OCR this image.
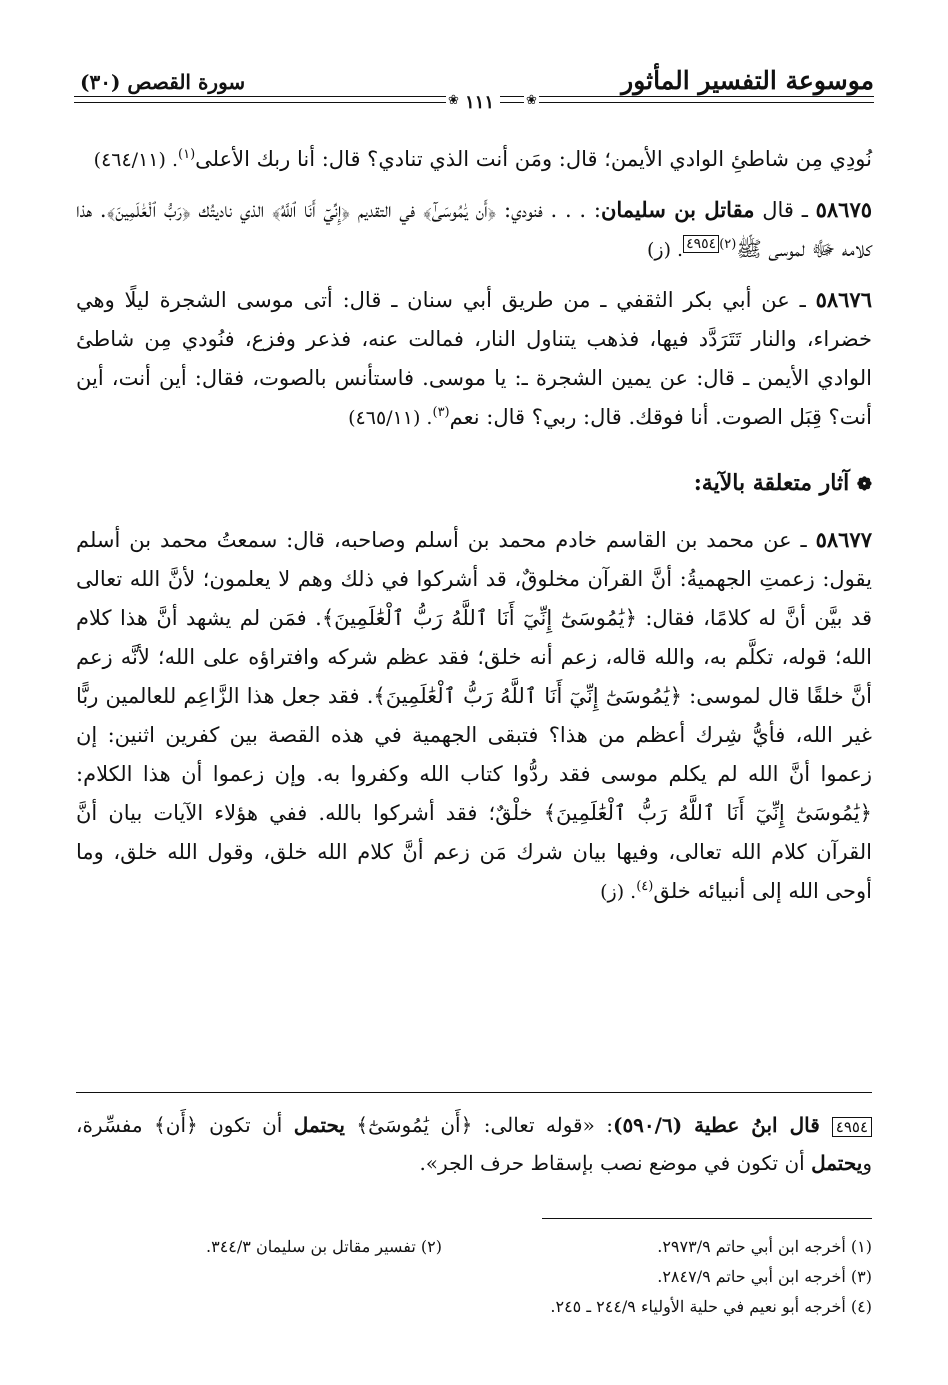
موسوعة التفسير المأثور
سورة القصص (٣٠)
❀ ١١١	❀

نُودِي مِن شاطئِ الوادي الأيمن؛ قال: ومَن أنت الذي تنادي؟ قال: أنا ربك الأعلى$^{(١)}$. (٤٦٤/١١)

٥٨٦٧٥ ـ قال مقاتل بن سليمان: . . . فنودي: ﴿أَن يَٰمُوسَىٰٓ﴾ في التقديم ﴿إِنِّيٓ أَنَا ٱللَّهُ﴾ الذي ناديتُك ﴿رَبُّ ٱلْعَٰلَمِينَ﴾. هذا كلامه ﷻ لموسى ﷺ$^{(٢)}$٤٩٥٤. (ز)

٥٨٦٧٦ ـ عن أبي بكر الثقفي ـ من طريق أبي سنان ـ قال: أتى موسى الشجرة ليلًا وهي خضراء، والنار تَتَرَدَّد فيها، فذهب يتناول النار، فمالت عنه، فذعر وفزع، فنُودي مِن شاطئ الوادي الأيمن ـ قال: عن يمين الشجرة ـ: يا موسى. فاستأنس بالصوت، فقال: أين أنت، أين أنت؟ قِبَل الصوت. أنا فوقك. قال: ربي؟ قال: نعم$^{(٣)}$. (٤٦٥/١١)

❁ آثار متعلقة بالآية:

٥٨٦٧٧ ـ عن محمد بن القاسم خادم محمد بن أسلم وصاحبه، قال: سمعتُ محمد بن أسلم يقول: زعمتِ الجهميةُ: أنَّ القرآن مخلوقٌ، قد أشركوا في ذلك وهم لا يعلمون؛ لأنَّ الله تعالى قد بيَّن أنَّ له كلامًا، فقال: ﴿يَٰمُوسَىٰٓ إِنِّيٓ أَنَا ٱللَّهُ رَبُّ ٱلْعَٰلَمِينَ﴾. فمَن لم يشهد أنَّ هذا كلام الله؛ قوله، تكلَّم به، والله قاله، زعم أنه خلق؛ فقد عظم شركه وافتراؤه على الله؛ لأنَّه زعم أنَّ خلقًا قال لموسى: ﴿يَٰمُوسَىٰٓ إِنِّيٓ أَنَا ٱللَّهُ رَبُّ ٱلْعَٰلَمِينَ﴾. فقد جعل هذا الزَّاعِم للعالمين ربًّا غير الله، فأيُّ شِرك أعظم من هذا؟ فتبقى الجهمية في هذه القصة بين كفرين اثنين: إن زعموا أنَّ الله لم يكلم موسى فقد ردُّوا كتاب الله وكفروا به. وإن زعموا أن هذا الكلام: ﴿يَٰمُوسَىٰٓ إِنِّيٓ أَنَا ٱللَّهُ رَبُّ ٱلْعَٰلَمِينَ﴾ خلْقٌ؛ فقد أشركوا بالله. ففي هؤلاء الآيات بيان أنَّ القرآن كلام الله تعالى، وفيها بيان شرك مَن زعم أنَّ كلام الله خلق، وقول الله خلق، وما أوحى الله إلى أنبيائه خلق$^{(٤)}$. (ز)

٤٩٥٤ قال ابنُ عطية (٥٩٠/٦): «قوله تعالى: ﴿أَن يَٰمُوسَىٰٓ﴾ يحتمل أن تكون ﴿أَن﴾ مفسِّرة، ويحتمل أن تكون في موضع نصب بإسقاط حرف الجر».
(١) أخرجه ابن أبي حاتم ٢٩٧٣/٩.
(٢) تفسير مقاتل بن سليمان ٣٤٤/٣.
(٣) أخرجه ابن أبي حاتم ٢٨٤٧/٩.
(٤) أخرجه أبو نعيم في حلية الأولياء ٢٤٤/٩ ـ ٢٤٥.
